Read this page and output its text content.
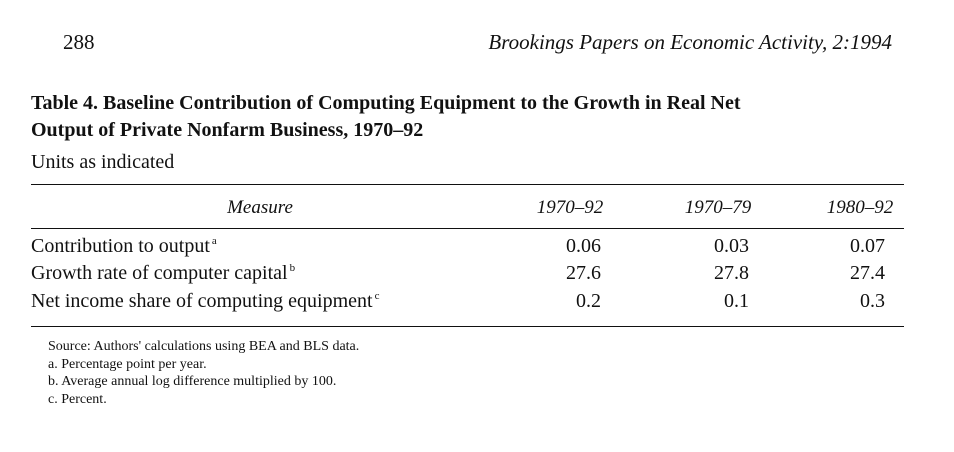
288	Brookings Papers on Economic Activity, 2:1994
Table 4. Baseline Contribution of Computing Equipment to the Growth in Real Net
Output of Private Nonfarm Business, 1970–92
Units as indicated
Measure	1970–92	1970–79	1980–92
Contribution to output $^a$	0.06	0.03	0.07
Growth rate of computer capital $^b$	27.6	27.8	27.4
Net income share of computing equipment $^c$	0.2	0.1	0.3
Source: Authors' calculations using BEA and BLS data.
a. Percentage point per year.
b. Average annual log difference multiplied by 100.
c. Percent.
